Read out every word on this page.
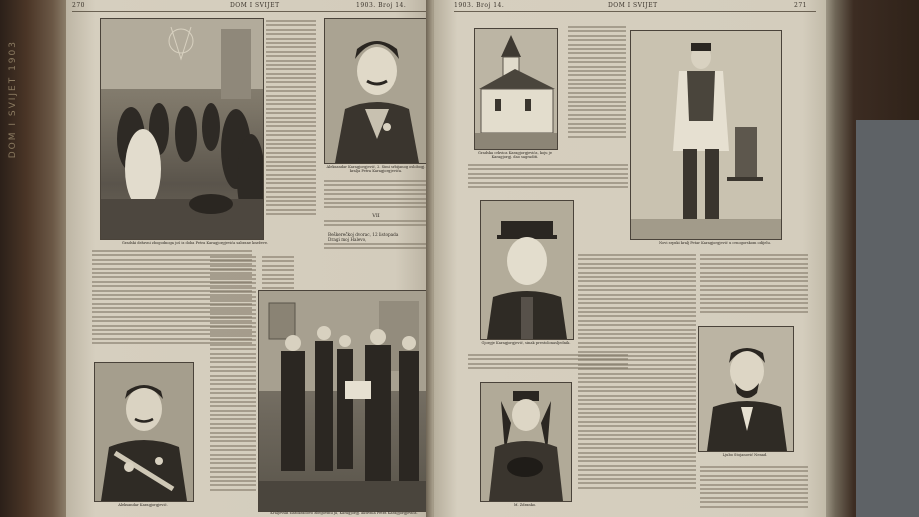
DOM I SVIJET 1903
270	DOM I SVIJET	1903. Broj 14.
Gradski državni zbogodnoga još iz doba Petra Karagjorgjevića sabrane kneževe.
Aleksandar Karagjorgjević, 2. Šimi srbijanog oslobogj. kralja Petra Karagjorgjevića.
VII
Beškerečkoj dvorac, 12 listopada
Dragi moj Halevo,
Aleksandar Karagjorgjević.
Kraljevski zlatokradovo zbegovinu ja, Karagjorgj. aktivnia Petra Karagjorgjevića.
1903. Broj 14.	DOM I SVIJET	271
Gradska crkvica Karagjorgjevića, koju je Karagjorgj. dao sagraditi.
Novi srpski kralj Petar Karagjorgjević u crnogorskom odijelu.
Gjorgje Karagjorgjević, sinak prestolonasljednik.
M. Ždranko.
Ljubo Stojanović Nenad.
